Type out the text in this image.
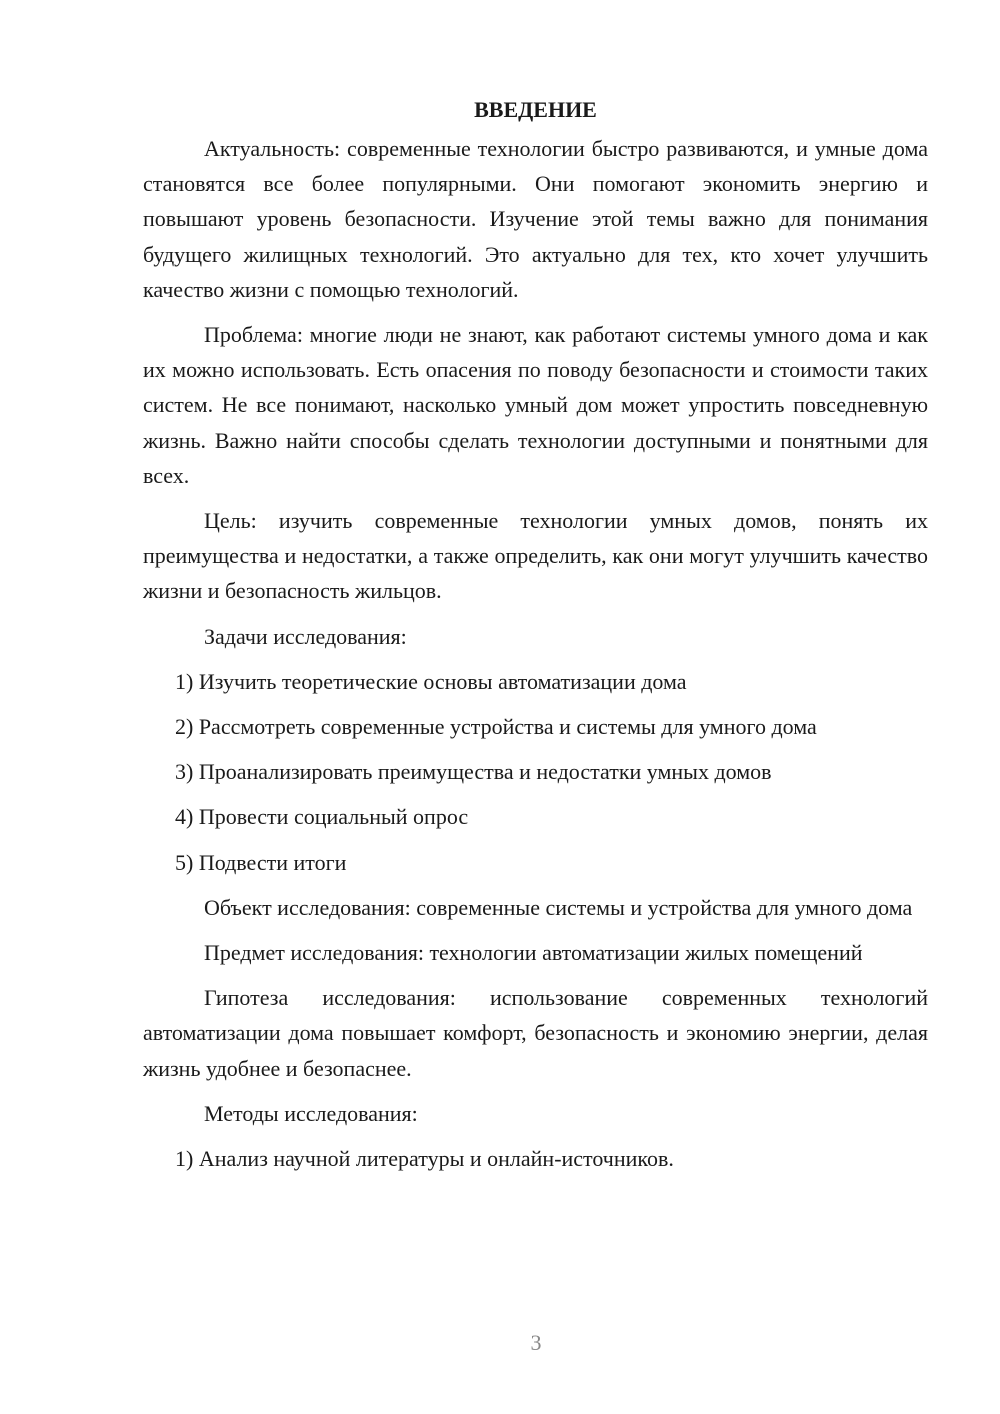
ВВЕДЕНИЕ

Актуальность: современные технологии быстро развиваются, и умные дома становятся все более популярными. Они помогают экономить энергию и повышают уровень безопасности. Изучение этой темы важно для понимания будущего жилищных технологий. Это актуально для тех, кто хочет улучшить качество жизни с помощью технологий.

Проблема: многие люди не знают, как работают системы умного дома и как их можно использовать. Есть опасения по поводу безопасности и стоимости таких систем. Не все понимают, насколько умный дом может упростить повседневную жизнь. Важно найти способы сделать технологии доступными и понятными для всех.

Цель: изучить современные технологии умных домов, понять их преимущества и недостатки, а также определить, как они могут улучшить качество жизни и безопасность жильцов.

Задачи исследования:

1) Изучить теоретические основы автоматизации дома
2) Рассмотреть современные устройства и системы для умного дома
3) Проанализировать преимущества и недостатки умных домов
4) Провести социальный опрос
5) Подвести итоги

Объект исследования: современные системы и устройства для умного дома

Предмет исследования: технологии автоматизации жилых помещений

Гипотеза исследования: использование современных технологий автоматизации дома повышает комфорт, безопасность и экономию энергии, делая жизнь удобнее и безопаснее.

Методы исследования:

1) Анализ научной литературы и онлайн-источников.
3
